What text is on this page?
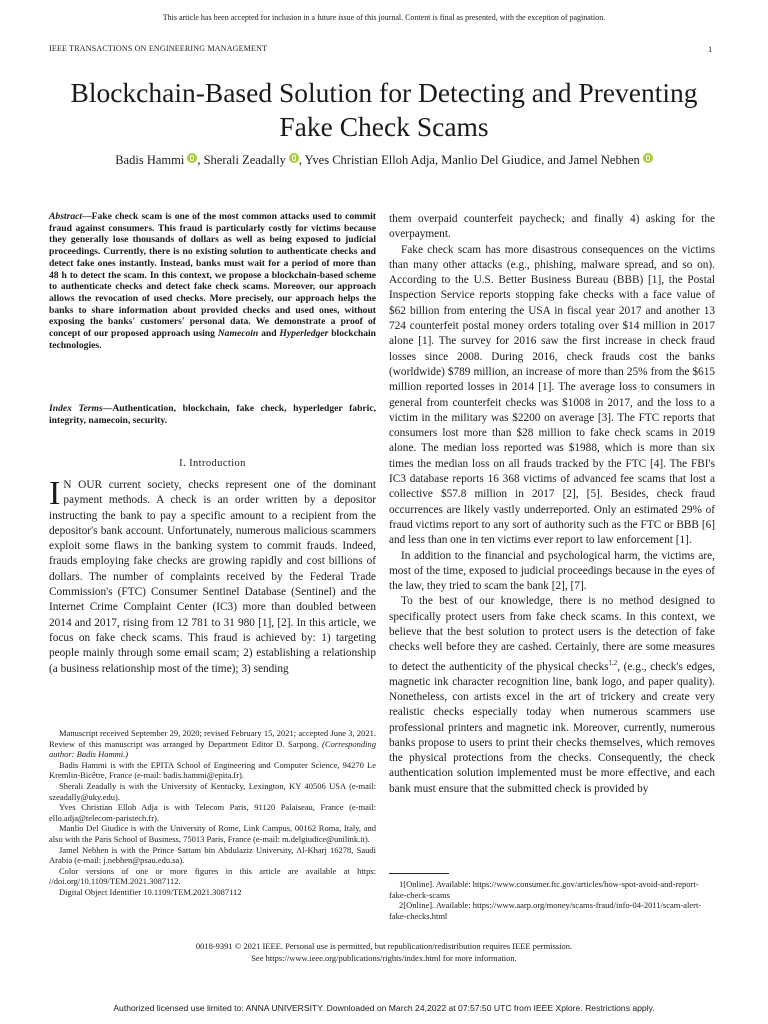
This article has been accepted for inclusion in a future issue of this journal. Content is final as presented, with the exception of pagination.
IEEE TRANSACTIONS ON ENGINEERING MANAGEMENT	1
Blockchain-Based Solution for Detecting and Preventing Fake Check Scams
Badis Hammi , Sherali Zeadally , Yves Christian Elloh Adja, Manlio Del Giudice, and Jamel Nebhen
Abstract—Fake check scam is one of the most common attacks used to commit fraud against consumers. This fraud is particularly costly for victims because they generally lose thousands of dollars as well as being exposed to judicial proceedings. Currently, there is no existing solution to authenticate checks and detect fake ones instantly. Instead, banks must wait for a period of more than 48 h to detect the scam. In this context, we propose a blockchain-based scheme to authenticate checks and detect fake check scams. Moreover, our approach allows the revocation of used checks. More precisely, our approach helps the banks to share information about provided checks and used ones, without exposing the banks' customers' personal data. We demonstrate a proof of concept of our proposed approach using Namecoin and Hyperledger blockchain technologies.
Index Terms—Authentication, blockchain, fake check, hyperledger fabric, integrity, namecoin, security.
I. Introduction
I N OUR current society, checks represent one of the dominant payment methods. A check is an order written by a depositor instructing the bank to pay a specific amount to a recipient from the depositor's bank account. Unfortunately, numerous malicious scammers exploit some flaws in the banking system to commit frauds. Indeed, frauds employing fake checks are growing rapidly and cost billions of dollars. The number of complaints received by the Federal Trade Commission's (FTC) Consumer Sentinel Database (Sentinel) and the Internet Crime Complaint Center (IC3) more than doubled between 2014 and 2017, rising from 12 781 to 31 980 [1], [2]. In this article, we focus on fake check scams. This fraud is achieved by: 1) targeting people mainly through some email scam; 2) establishing a relationship (a business relationship most of the time); 3) sending

Manuscript received September 29, 2020; revised February 15, 2021; accepted June 3, 2021. Review of this manuscript was arranged by Department Editor D. Sarpong. (Corresponding author: Badis Hammi.)

Badis Hammi is with the EPITA School of Engineering and Computer Science, 94270 Le Kremlin-Bicêtre, France (e-mail: badis.hammi@epita.fr).

Sherali Zeadally is with the University of Kentucky, Lexington, KY 40506 USA (e-mail: szeadally@uky.edu).

Yves Christian Elloh Adja is with Telecom Paris, 91120 Palaiseau, France (e-mail: ello.adja@telecom-paristech.fr).

Manlio Del Giudice is with the University of Rome, Link Campus, 00162 Roma, Italy, and also with the Paris School of Business, 75013 Paris, France (e-mail: m.delgiudice@unilink.it).

Jamel Nebhen is with the Prince Sattam bin Abdulaziz University, Al-Kharj 16278, Saudi Arabia (e-mail: j.nebhen@psau.edu.sa).

Color versions of one or more figures in this article are available at https: //doi.org/10.1109/TEM.2021.3087112.

Digital Object Identifier 10.1109/TEM.2021.3087112

them overpaid counterfeit paycheck; and finally 4) asking for the overpayment.

Fake check scam has more disastrous consequences on the victims than many other attacks (e.g., phishing, malware spread, and so on). According to the U.S. Better Business Bureau (BBB) [1], the Postal Inspection Service reports stopping fake checks with a face value of $62 billion from entering the USA in fiscal year 2017 and another 13 724 counterfeit postal money orders totaling over $14 million in 2017 alone [1]. The survey for 2016 saw the first increase in check fraud losses since 2008. During 2016, check frauds cost the banks (worldwide) $789 million, an increase of more than 25% from the $615 million reported losses in 2014 [1]. The average loss to consumers in general from counterfeit checks was $1008 in 2017, and the loss to a victim in the military was $2200 on average [3]. The FTC reports that consumers lost more than $28 million to fake check scams in 2019 alone. The median loss reported was $1988, which is more than six times the median loss on all frauds tracked by the FTC [4]. The FBI's IC3 database reports 16 368 victims of advanced fee scams that lost a collective $57.8 million in 2017 [2], [5]. Besides, check fraud occurrences are likely vastly underreported. Only an estimated 29% of fraud victims report to any sort of authority such as the FTC or BBB [6] and less than one in ten victims ever report to law enforcement [1].

In addition to the financial and psychological harm, the victims are, most of the time, exposed to judicial proceedings because in the eyes of the law, they tried to scam the bank [2], [7].

To the best of our knowledge, there is no method designed to specifically protect users from fake check scams. In this context, we believe that the best solution to protect users is the detection of fake checks well before they are cashed. Certainly, there are some measures to detect the authenticity of the physical checks$^{1,2}$, (e.g., check's edges, magnetic ink character recognition line, bank logo, and paper quality). Nonetheless, con artists excel in the art of trickery and create very realistic checks especially today when numerous scammers use professional printers and magnetic ink. Moreover, currently, numerous banks propose to users to print their checks themselves, which removes the physical protections from the checks. Consequently, the check authentication solution implemented must be more effective, and each bank must ensure that the submitted check is provided by

1[Online]. Available: https://www.consumer.ftc.gov/articles/how-spot-avoid-and-report-fake-check-scams

2[Online]. Available: https://www.aarp.org/money/scams-fraud/info-04-2011/scam-alert-fake-checks.html

0018-9391 © 2021 IEEE. Personal use is permitted, but republication/redistribution requires IEEE permission.
See https://www.ieee.org/publications/rights/index.html for more information.
Authorized licensed use limited to: ANNA UNIVERSITY. Downloaded on March 24,2022 at 07:57:50 UTC from IEEE Xplore. Restrictions apply.
